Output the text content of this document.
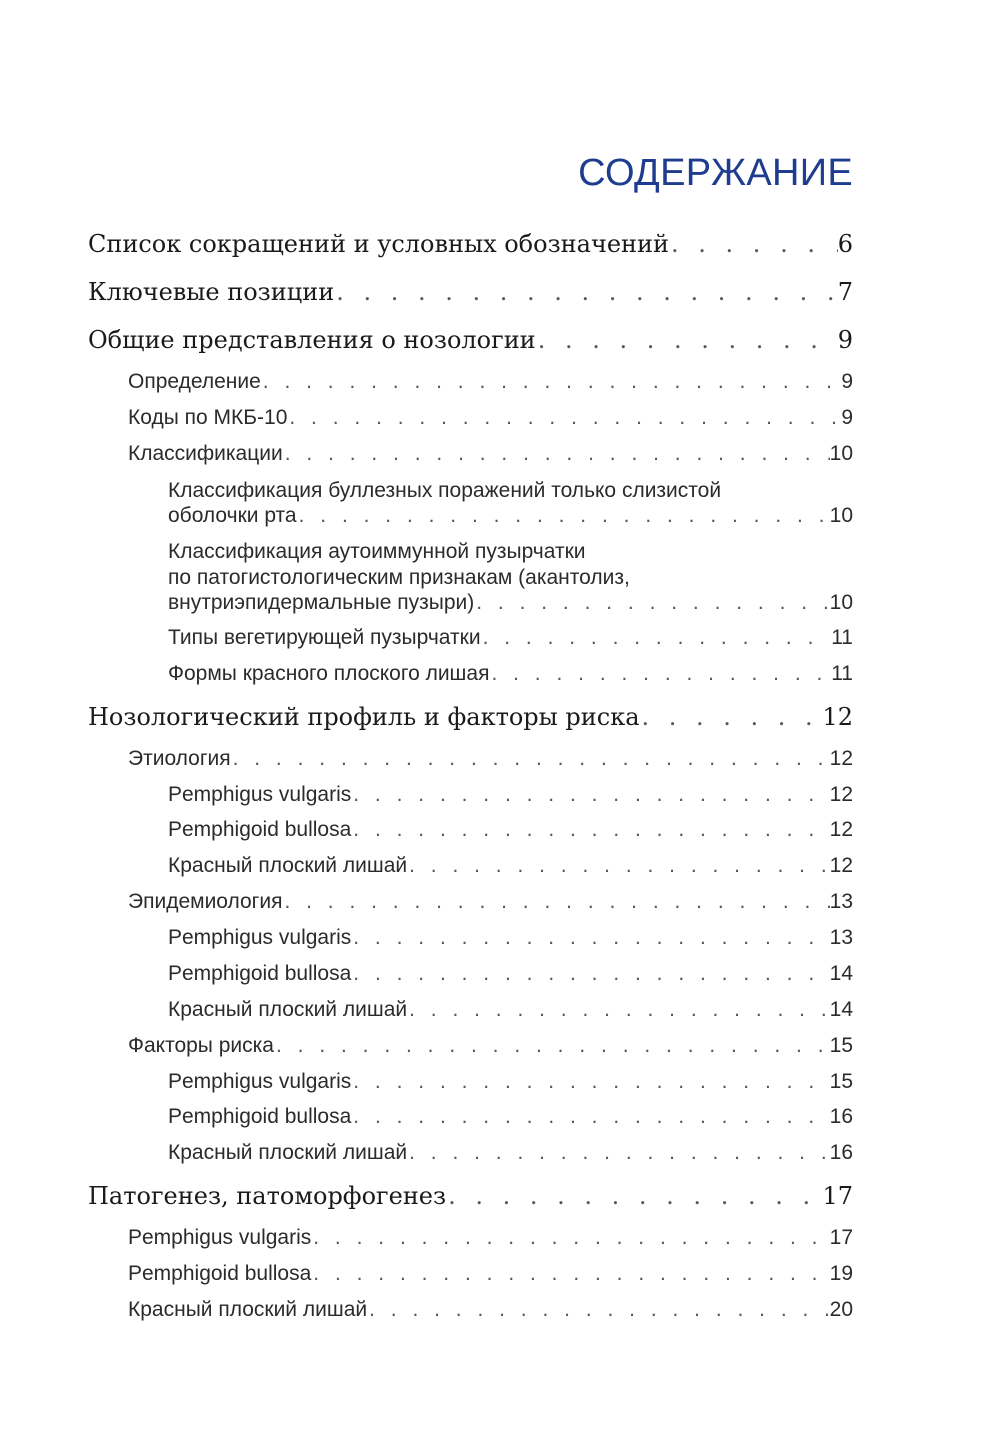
СОДЕРЖАНИЕ
Список сокращений и условных обозначений . . .	6
Ключевые позиции . . .	7
Общие представления о нозологии . . .	9
Определение . . .	9
Коды по МКБ-10 . . .	9
Классификации . . .	10
Классификация буллезных поражений только слизистой
оболочки рта . . .	10
Классификация аутоиммунной пузырчатки
по патогистологическим признакам (акантолиз,
внутриэпидермальные пузыри) . . .	10
Типы вегетирующей пузырчатки . . .	11
Формы красного плоского лишая . . .	11
Нозологический профиль и факторы риска . . .	12
Этиология . . .	12
Pemphigus vulgaris . . .	12
Pemphigoid bullosa . . .	12
Красный плоский лишай . . .	12
Эпидемиология . . .	13
Pemphigus vulgaris . . .	13
Pemphigoid bullosa . . .	14
Красный плоский лишай . . .	14
Факторы риска . . .	15
Pemphigus vulgaris . . .	15
Pemphigoid bullosa . . .	16
Красный плоский лишай . . .	16
Патогенез, патоморфогенез . . .	17
Pemphigus vulgaris . . .	17
Pemphigoid bullosa . . .	19
Красный плоский лишай . . .	20
